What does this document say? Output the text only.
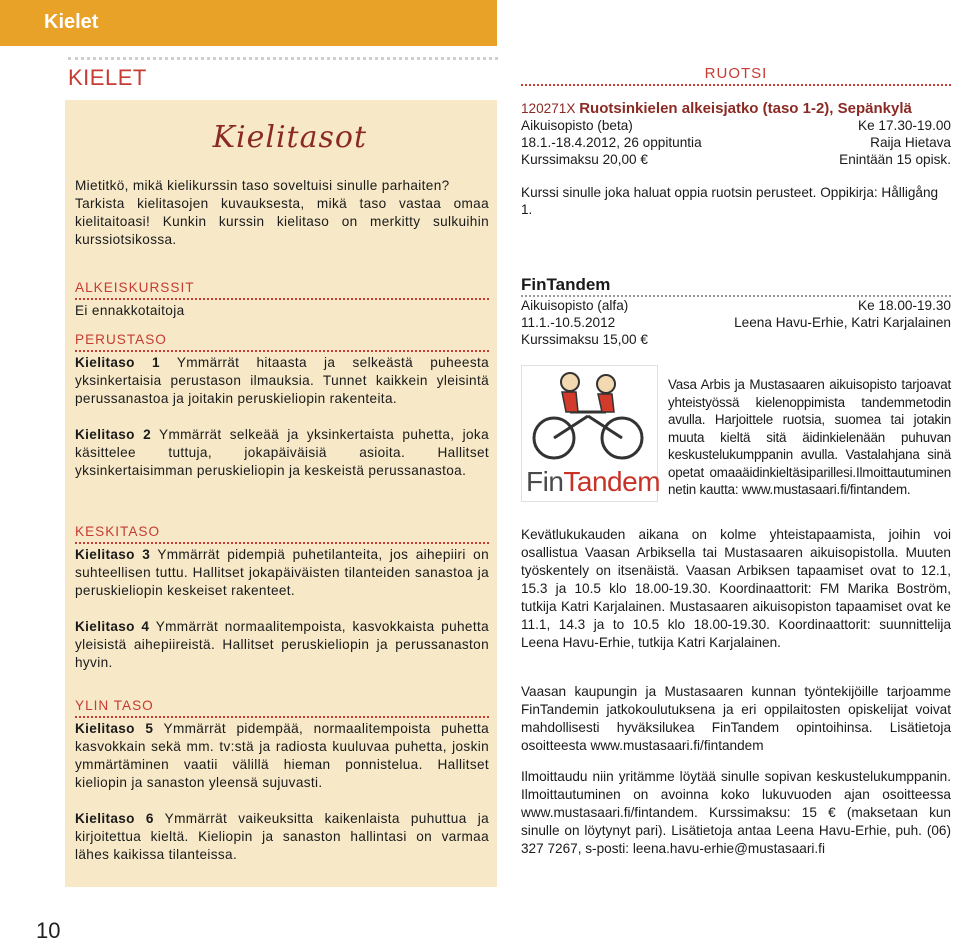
Kielet
KIELET
Kielitasot

Mietitkö, mikä kielikurssin taso soveltuisi sinulle parhaiten?

Tarkista kielitasojen kuvauksesta, mikä taso vastaa omaa kielitaitoasi! Kunkin kurssin kielitaso on merkitty sulkuihin kurssiotsikossa.

ALKEISKURSSIT

Ei ennakkotaitoja

PERUSTASO

Kielitaso 1 Ymmärrät hitaasta ja selkeästä puheesta yksinkertaisia perustason ilmauksia. Tunnet kaikkein yleisintä perussanastoa ja joitakin peruskieliopin rakenteita.

Kielitaso 2 Ymmärrät selkeää ja yksinkertaista puhetta, joka käsittelee tuttuja, jokapäiväisiä asioita. Hallitset yksinkertaisimman peruskieliopin ja keskeistä perussanastoa.

KESKITASO

Kielitaso 3 Ymmärrät pidempiä puhetilanteita, jos aihepiiri on suhteellisen tuttu. Hallitset jokapäiväisten tilanteiden sanastoa ja peruskieliopin keskeiset rakenteet.

Kielitaso 4 Ymmärrät normaalitempoista, kasvokkaista puhetta yleisistä aihepiireistä. Hallitset peruskieliopin ja perussanaston hyvin.

YLIN TASO

Kielitaso 5 Ymmärrät pidempää, normaalitempoista puhetta kasvokkain sekä mm. tv:stä ja radiosta kuuluvaa puhetta, joskin ymmärtäminen vaatii välillä hieman ponnistelua. Hallitset kieliopin ja sanaston yleensä sujuvasti.

Kielitaso 6 Ymmärrät vaikeuksitta kaikenlaista puhuttua ja kirjoitettua kieltä. Kieliopin ja sanaston hallintasi on varmaa lähes kaikissa tilanteissa.

RUOTSI
120271X Ruotsinkielen alkeisjatko (taso 1-2), Sepänkylä
Aikuisopisto (beta)	Ke 17.30-19.00
18.1.-18.4.2012, 26 oppituntia	Raija Hietava
Kurssimaksu 20,00 €	Enintään 15 opisk.

Kurssi sinulle joka haluat oppia ruotsin perusteet. Oppikirja: Hålligång 1.

FinTandem
Aikuisopisto (alfa)	Ke 18.00-19.30
11.1.-10.5.2012	Leena Havu-Erhie, Katri Karjalainen
Kurssimaksu 15,00 €
FinTandem

Vasa Arbis ja Mustasaaren aikuisopisto tarjoavat yhteistyössä kielenoppimista tandemmetodin avulla. Harjoittele ruotsia, suomea tai jotakin muuta kieltä sitä äidinkielenään puhuvan keskustelukumppanin avulla. Vastalahjana sinä opetat omaaäidinkieltäsiparillesi.Ilmoittautuminen netin kautta: www.mustasaari.fi/fintandem.

Kevätlukukauden aikana on kolme yhteistapaamista, joihin voi osallistua Vaasan Arbiksella tai Mustasaaren aikuisopistolla. Muuten työskentely on itsenäistä. Vaasan Arbiksen tapaamiset ovat to 12.1, 15.3 ja 10.5 klo 18.00-19.30. Koordinaattorit: FM Marika Boström, tutkija Katri Karjalainen. Mustasaaren aikuisopiston tapaamiset ovat ke 11.1, 14.3 ja to 10.5 klo 18.00-19.30. Koordinaattorit: suunnittelija Leena Havu-Erhie, tutkija Katri Karjalainen.

Vaasan kaupungin ja Mustasaaren kunnan työntekijöille tarjoamme FinTandemin jatkokoulutuksena ja eri oppilaitosten opiskelijat voivat mahdollisesti hyväksilukea FinTandem opintoihinsa. Lisätietoja osoitteesta www.mustasaari.fi/fintandem

Ilmoittaudu niin yritämme löytää sinulle sopivan keskustelukumppanin. Ilmoittautuminen on avoinna koko lukuvuoden ajan osoitteessa www.mustasaari.fi/fintandem. Kurssimaksu: 15 € (maksetaan kun sinulle on löytynyt pari). Lisätietoja antaa Leena Havu-Erhie, puh. (06) 327 7267, s-posti: leena.havu-erhie@mustasaari.fi

10
